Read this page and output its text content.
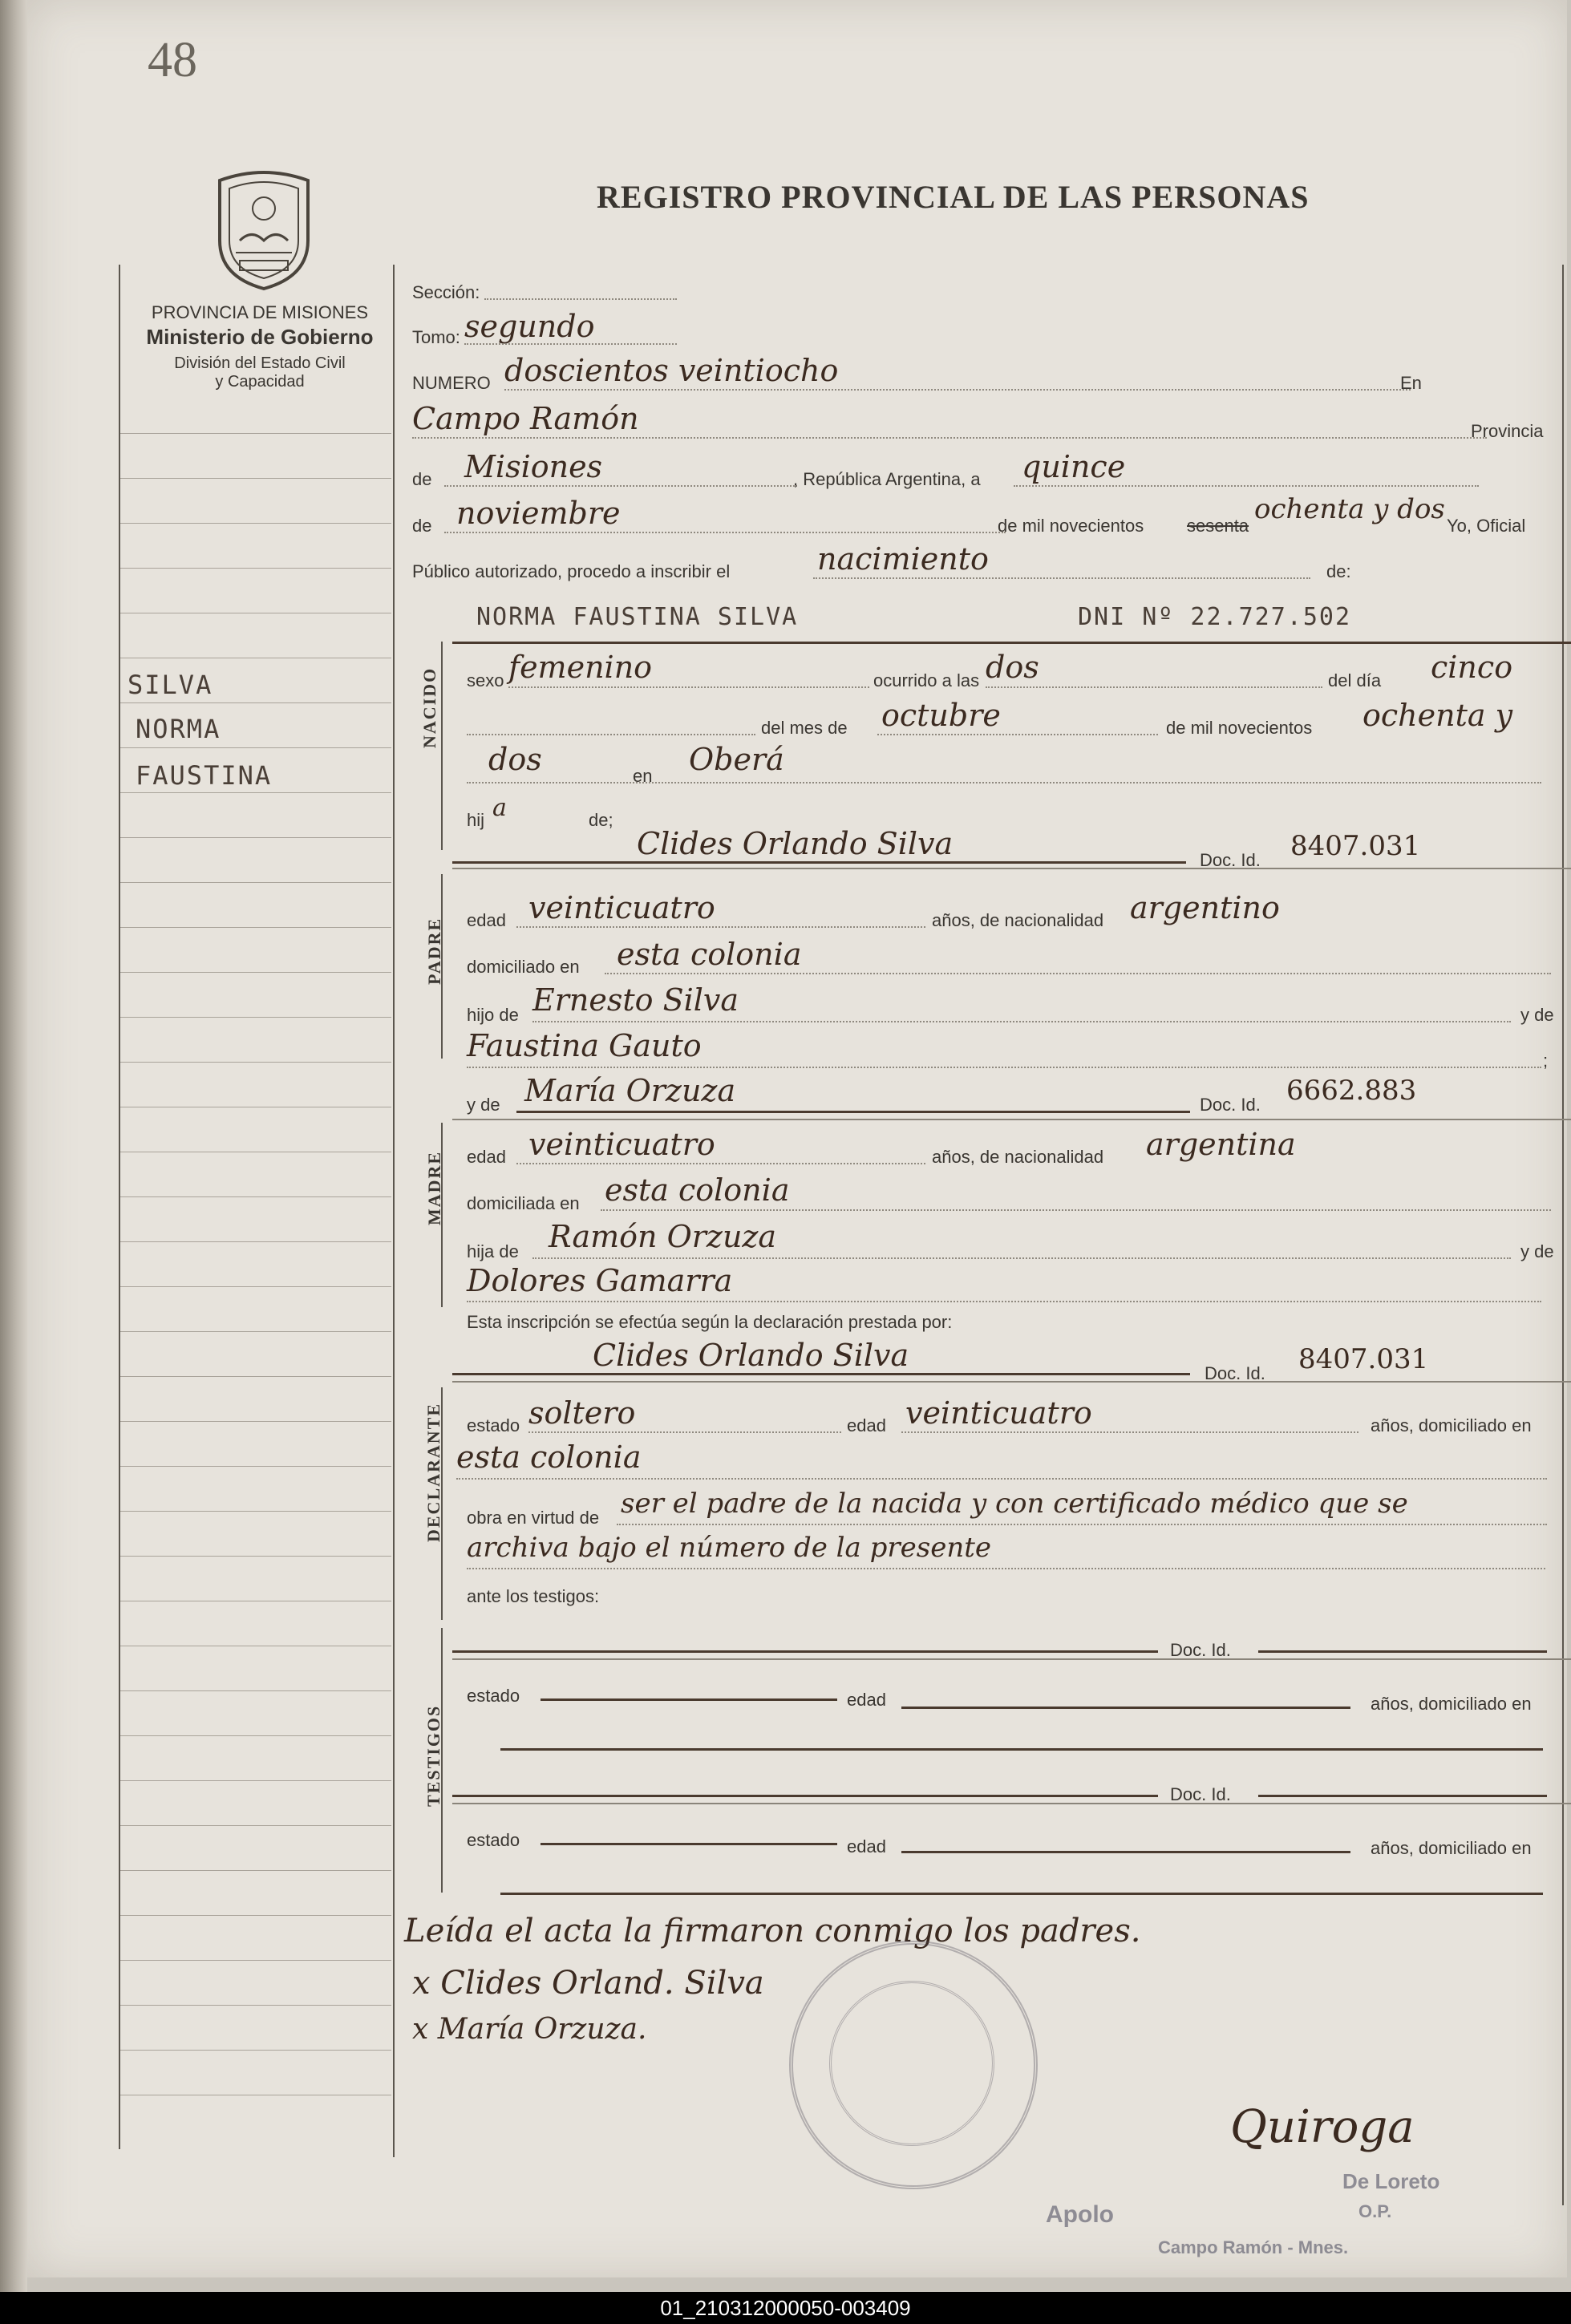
48
REGISTRO PROVINCIAL DE LAS PERSONAS
PROVINCIA DE MISIONES
Ministerio de Gobierno
División del Estado Civil
y Capacidad
SILVA
NORMA
FAUSTINA
Sección:
Tomo: segundo
NUMERO doscientos veintiocho	En
Campo Ramón	Provincia
de Misiones	, República Argentina, a quince
de noviembre	de mil novecientos sesenta
ochenta y dos
Yo, Oficial
Público autorizado, procedo a inscribir el	nacimiento	de:
NACIDO
NORMA FAUSTINA SILVA	DNI Nº 22.727.502
sexo femenino	ocurrido a las dos	del día cinco
del mes de octubre	de mil novecientos ochenta y
dos	en Oberá
hij a	de;
Clides Orlando Silva	Doc. Id. 8407.031
PADRE edad veinticuatro	años, de nacionalidad argentino
domiciliado en esta colonia
hijo de Ernesto Silva	y de
Faustina Gauto	;
y de María Orzuza	Doc. Id. 6662.883
MADRE edad veinticuatro	años, de nacionalidad argentina
domiciliada en esta colonia
hija de Ramón Orzuza	y de
Dolores Gamarra
Esta inscripción se efectúa según la declaración prestada por:
Clides Orlando Silva
Doc. Id. 8407.031
DECLARANTE estado soltero	edad veinticuatro	años, domiciliado en
esta colonia
obra en virtud de ser el padre de la nacida y con certificado médico que se
archiva bajo el número de la presente
ante los testigos:
TESTIGOS
Doc. Id.
estado	edad	años, domiciliado en
Doc. Id.
estado	edad	años, domiciliado en
Leída el acta la firmaron conmigo los padres.
x Clides Orland. Silva
x María Orzuza.
Quiroga
Apolo
De Loreto
O.P.
Campo Ramón - Mnes.
01_210312000050-003409
